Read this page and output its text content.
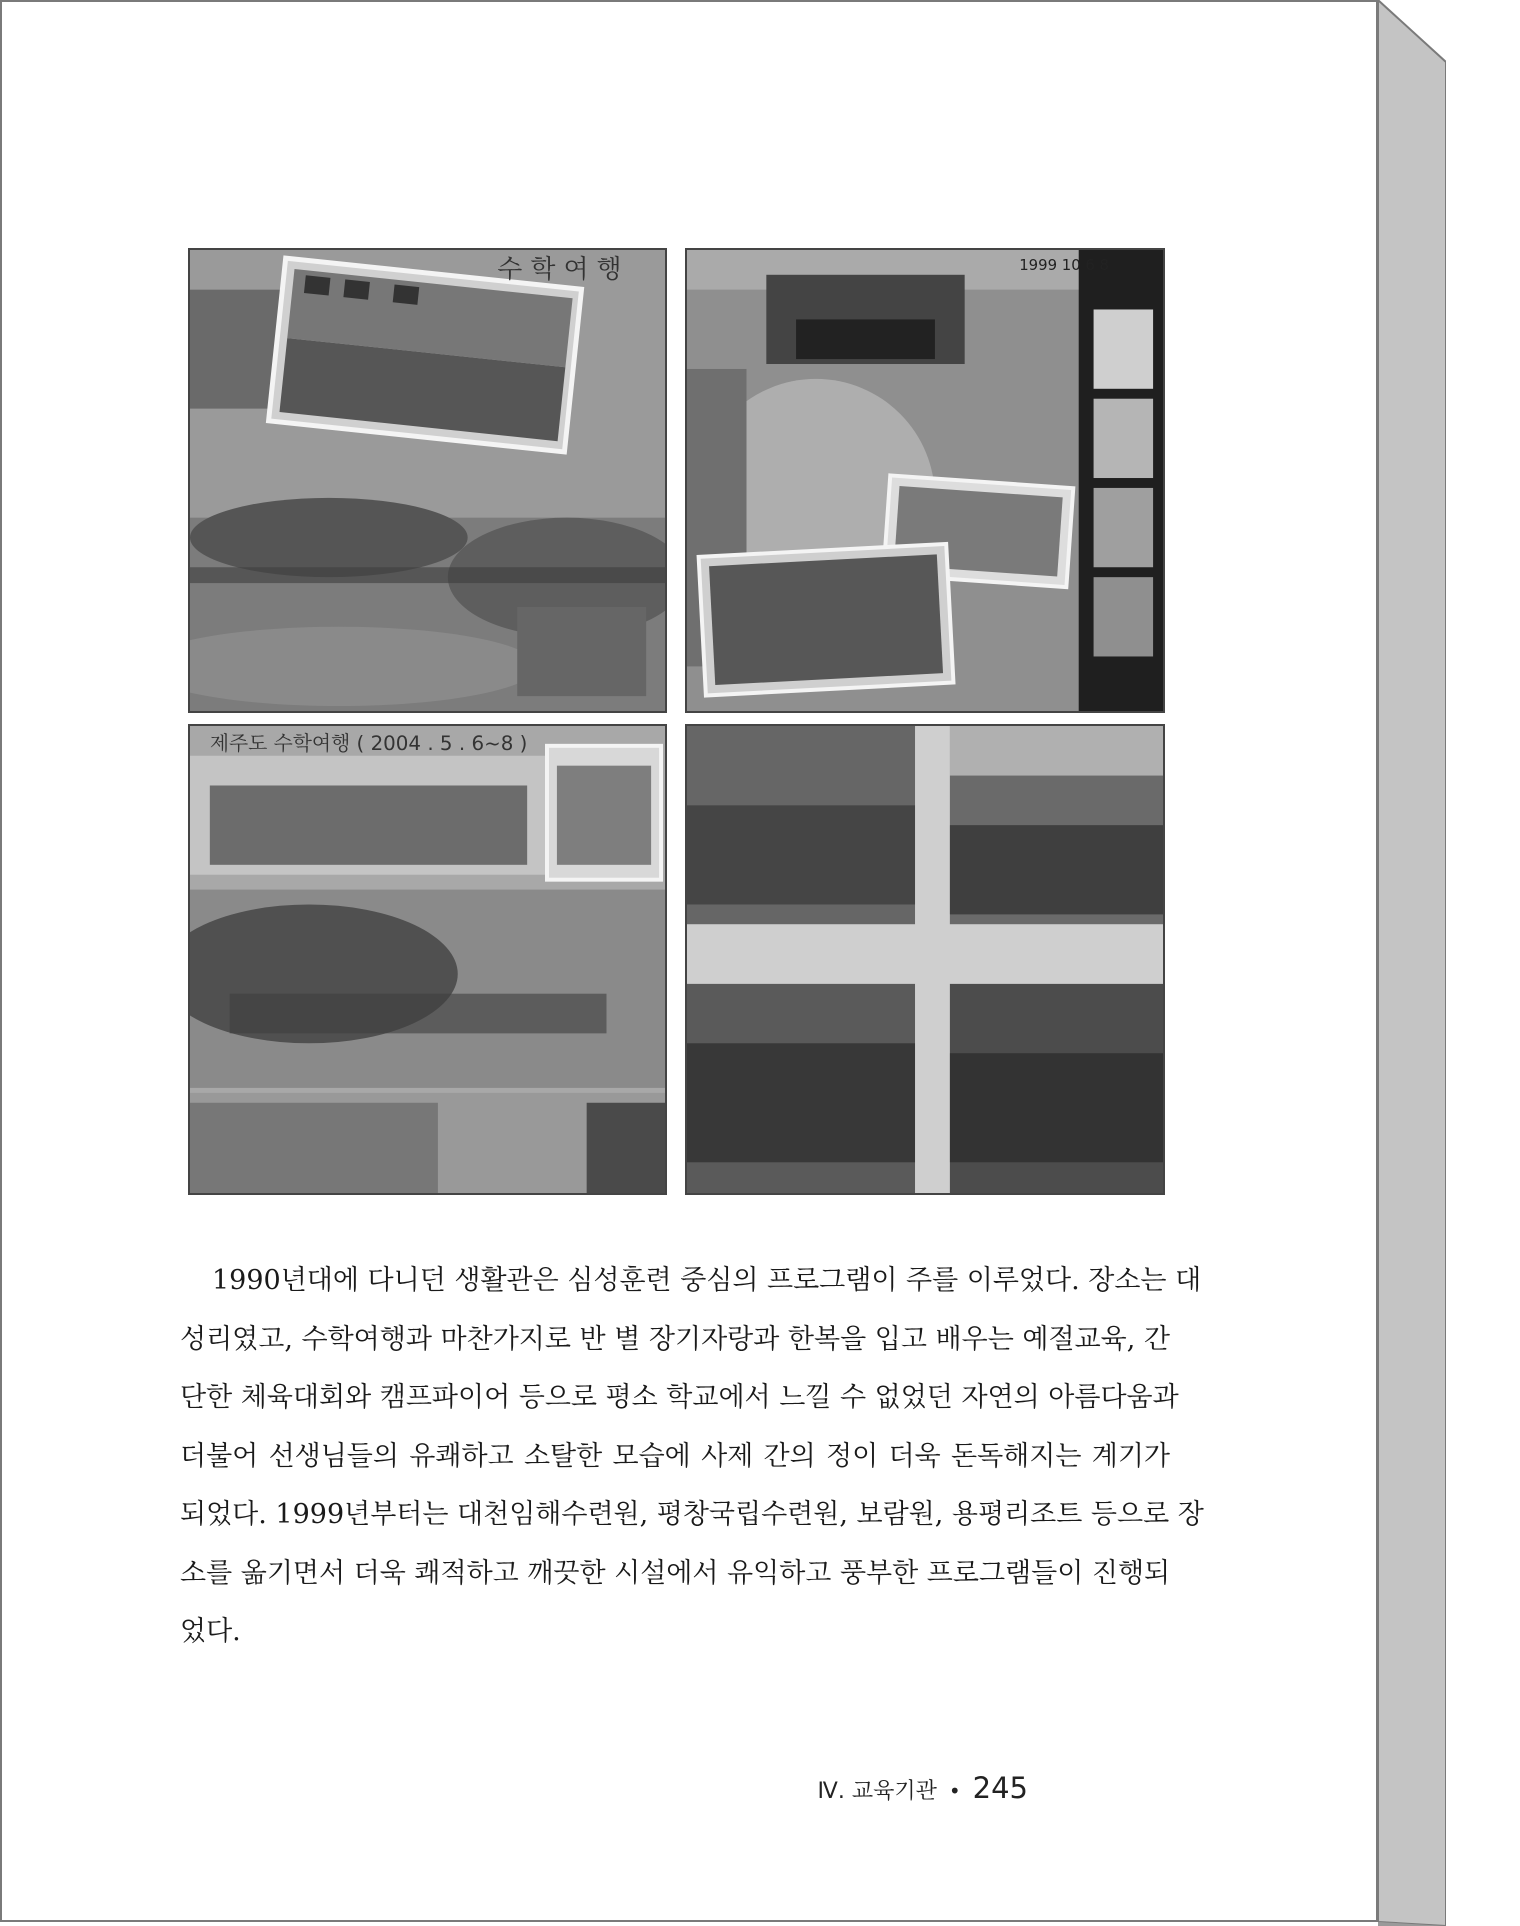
수 학 여 행	1999 10 6 8
제주도 수학여행 ( 2004 . 5 . 6~8 )
1990년대에 다니던 생활관은 심성훈련 중심의 프로그램이 주를 이루었다. 장소는 대
성리였고, 수학여행과 마찬가지로 반 별 장기자랑과 한복을 입고 배우는 예절교육, 간
단한 체육대회와 캠프파이어 등으로 평소 학교에서 느낄 수 없었던 자연의 아름다움과
더불어 선생님들의 유쾌하고 소탈한 모습에 사제 간의 정이 더욱 돈독해지는 계기가
되었다. 1999년부터는 대천임해수련원, 평창국립수련원, 보람원, 용평리조트 등으로 장
소를 옮기면서 더욱 쾌적하고 깨끗한 시설에서 유익하고 풍부한 프로그램들이 진행되
었다.
Ⅳ. 교육기관 • 245
